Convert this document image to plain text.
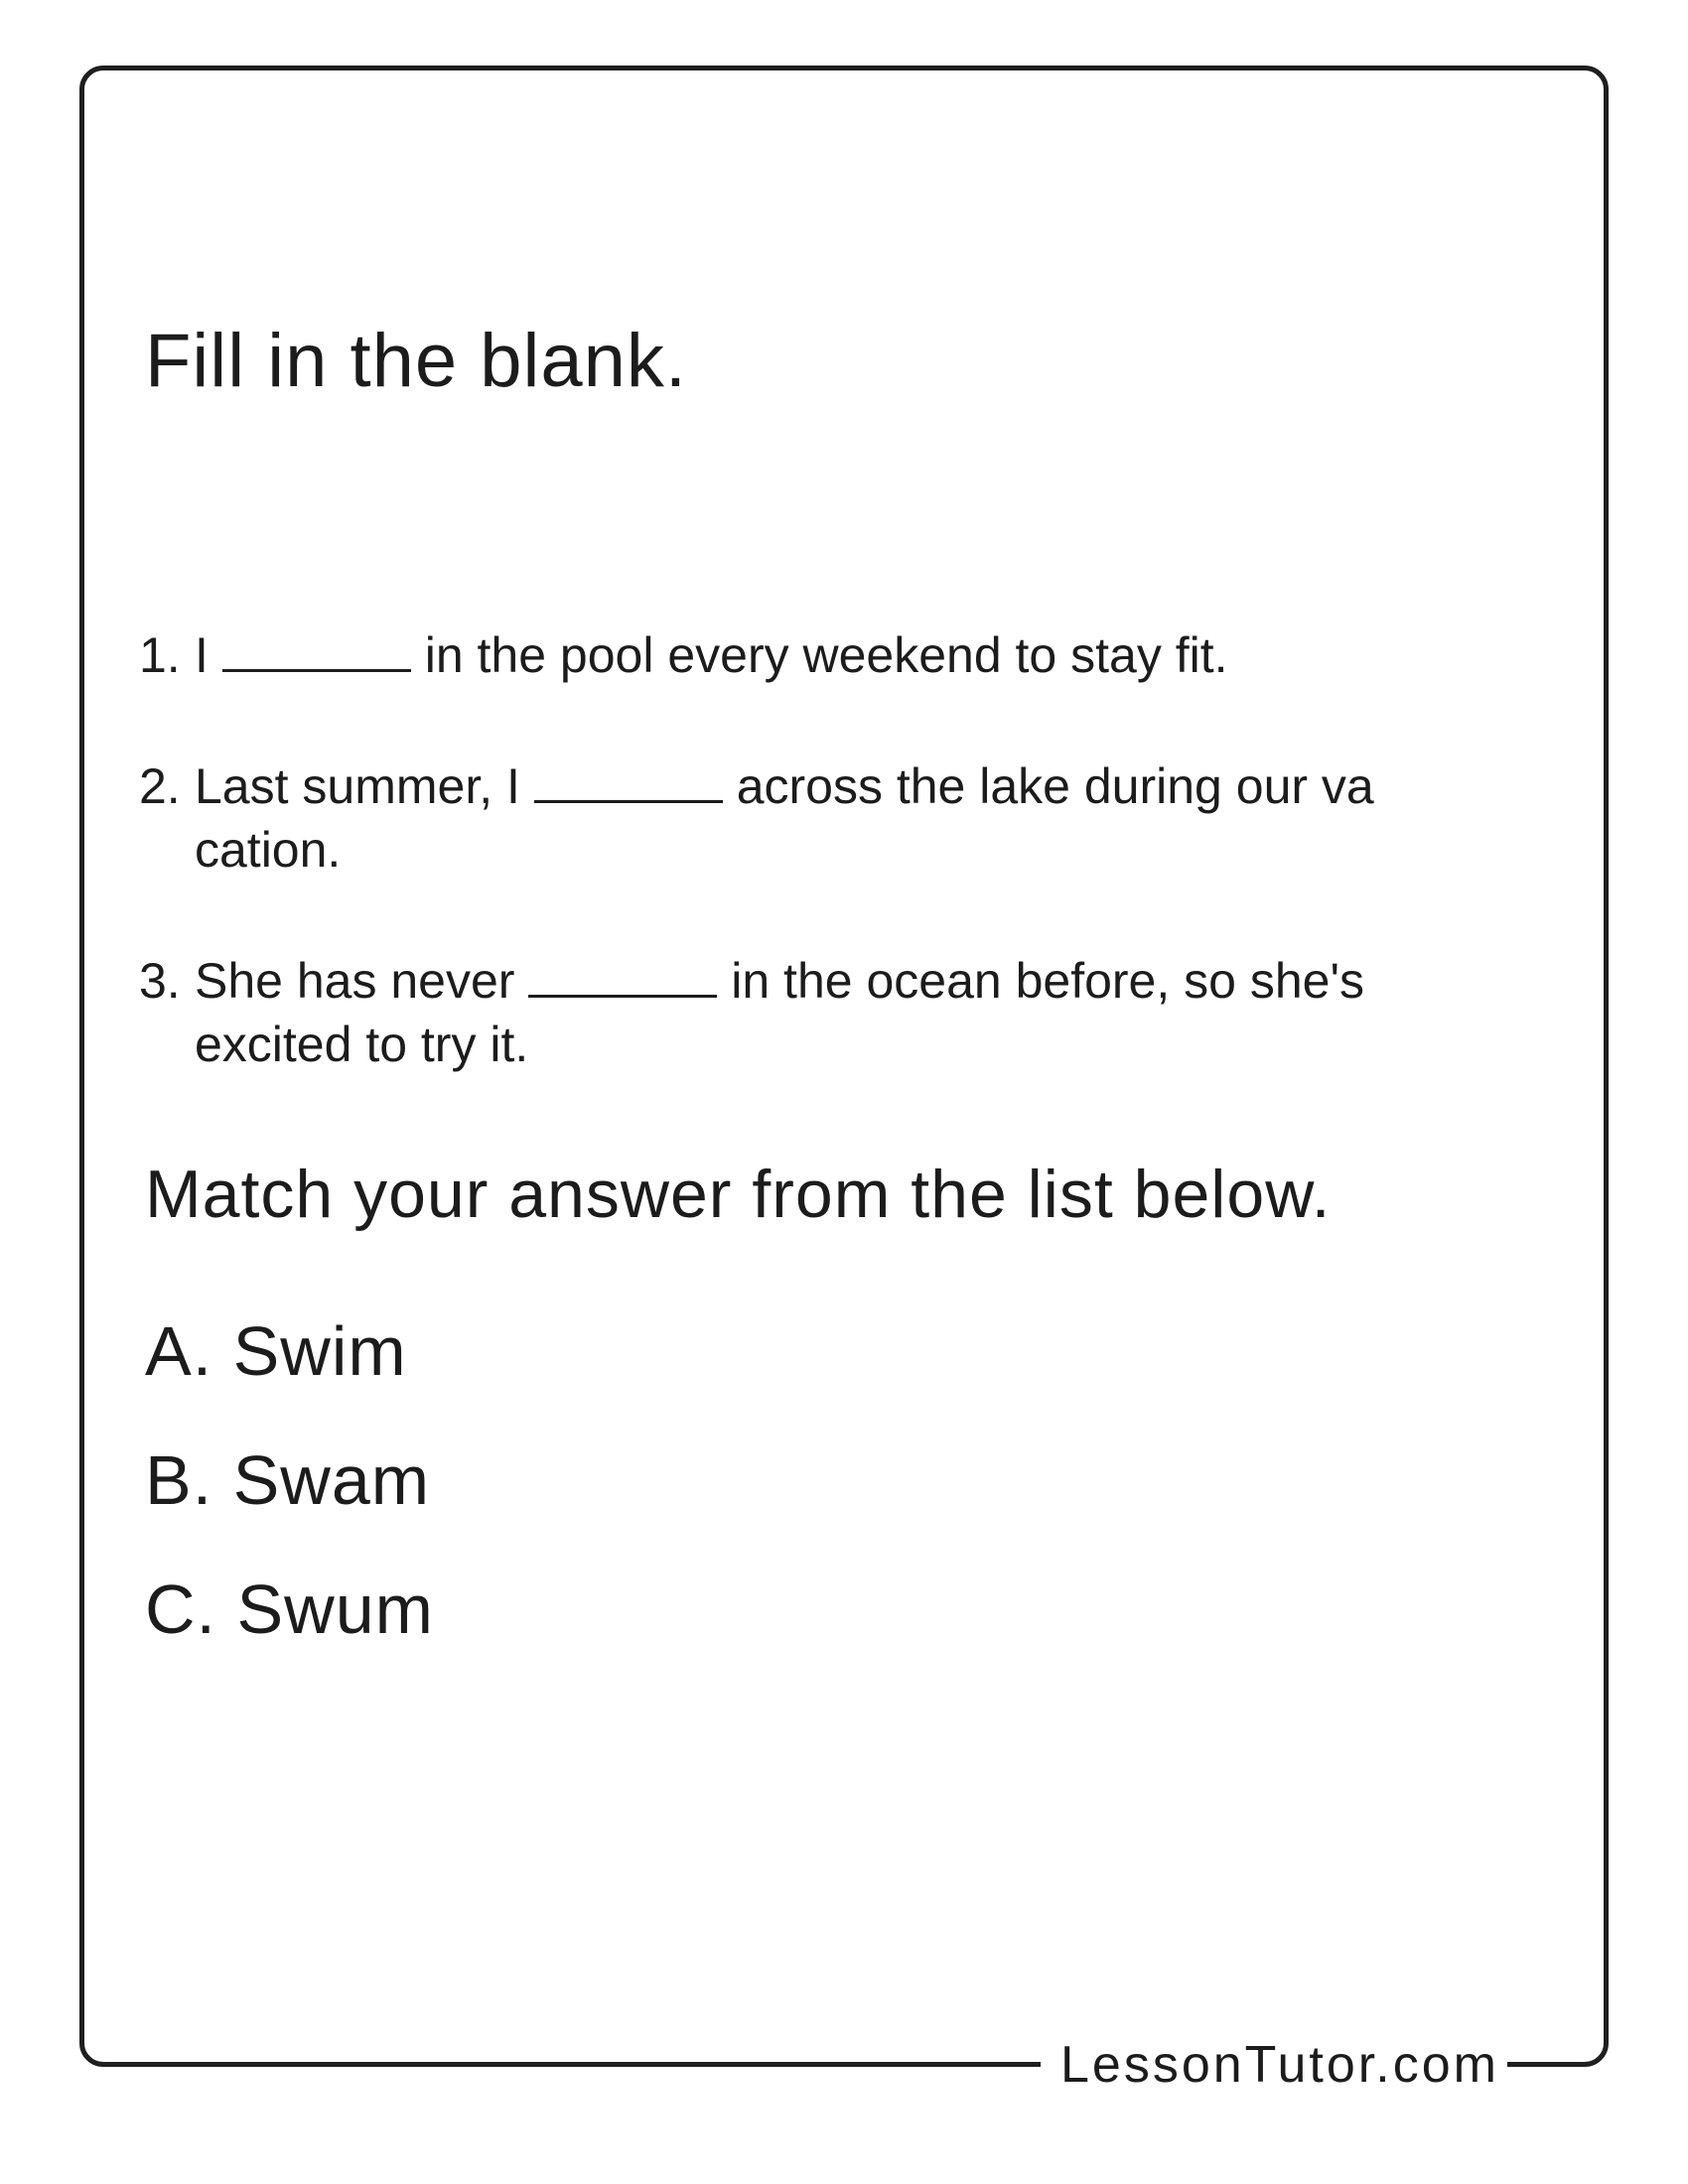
Fill in the blank.
1. I	in the pool every weekend to stay fit.
2. Last summer, I	across the lake during our va cation.
3. She has never	in the ocean before, so she's excited to try it.
Match your answer from the list below.
A. Swim
B. Swam
C. Swum
LessonTutor.com
